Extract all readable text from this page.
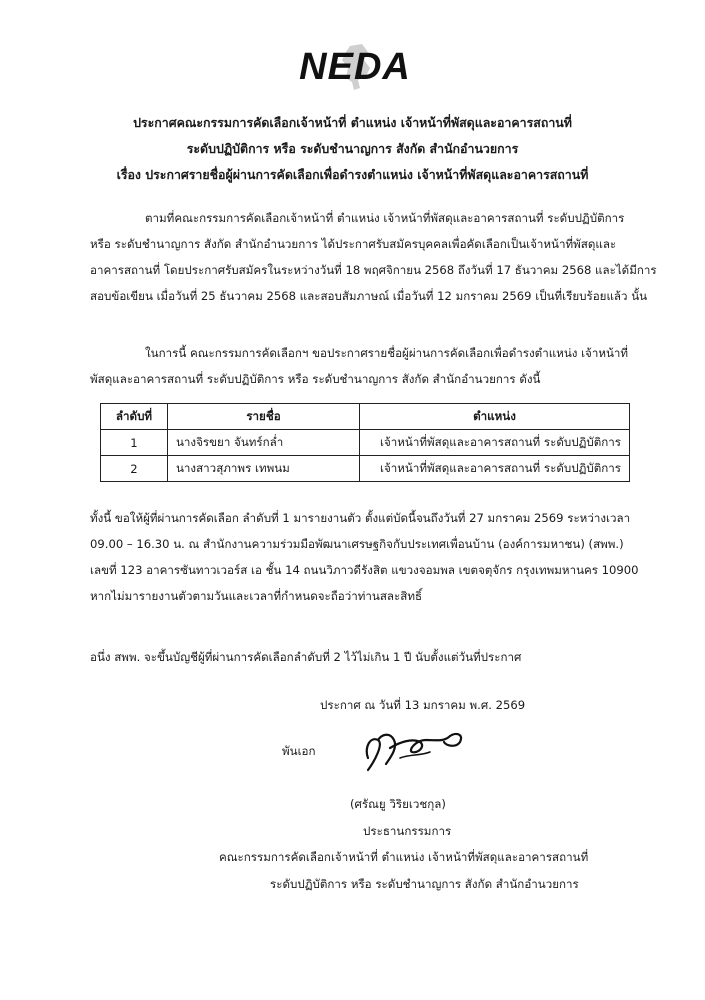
NEDA
ประกาศคณะกรรมการคัดเลือกเจ้าหน้าที่ ตำแหน่ง เจ้าหน้าที่พัสดุและอาคารสถานที่
ระดับปฏิบัติการ หรือ ระดับชำนาญการ สังกัด สำนักอำนวยการ
เรื่อง ประกาศรายชื่อผู้ผ่านการคัดเลือกเพื่อดำรงตำแหน่ง เจ้าหน้าที่พัสดุและอาคารสถานที่
ตามที่คณะกรรมการคัดเลือกเจ้าหน้าที่ ตำแหน่ง เจ้าหน้าที่พัสดุและอาคารสถานที่ ระดับปฏิบัติการ
หรือ ระดับชำนาญการ สังกัด สำนักอำนวยการ ได้ประกาศรับสมัครบุคคลเพื่อคัดเลือกเป็นเจ้าหน้าที่พัสดุและ
อาคารสถานที่ โดยประกาศรับสมัครในระหว่างวันที่ 18 พฤศจิกายน 2568 ถึงวันที่ 17 ธันวาคม 2568 และได้มีการ
สอบข้อเขียน เมื่อวันที่ 25 ธันวาคม 2568 และสอบสัมภาษณ์ เมื่อวันที่ 12 มกราคม 2569 เป็นที่เรียบร้อยแล้ว นั้น
ในการนี้ คณะกรรมการคัดเลือกฯ ขอประกาศรายชื่อผู้ผ่านการคัดเลือกเพื่อดำรงตำแหน่ง เจ้าหน้าที่
พัสดุและอาคารสถานที่ ระดับปฏิบัติการ หรือ ระดับชำนาญการ สังกัด สำนักอำนวยการ ดังนี้
ลำดับที่	รายชื่อ	ตำแหน่ง
1	นางจิรขยา จันทร์กล่ำ	เจ้าหน้าที่พัสดุและอาคารสถานที่ ระดับปฏิบัติการ
2	นางสาวสุภาพร เทพนม	เจ้าหน้าที่พัสดุและอาคารสถานที่ ระดับปฏิบัติการ
ทั้งนี้ ขอให้ผู้ที่ผ่านการคัดเลือก ลำดับที่ 1 มารายงานตัว ตั้งแต่บัดนี้จนถึงวันที่ 27 มกราคม 2569 ระหว่างเวลา
09.00 – 16.30 น. ณ สำนักงานความร่วมมือพัฒนาเศรษฐกิจกับประเทศเพื่อนบ้าน (องค์การมหาชน) (สพพ.)
เลขที่ 123 อาคารซันทาวเวอร์ส เอ ชั้น 14 ถนนวิภาวดีรังสิต แขวงจอมพล เขตจตุจักร กรุงเทพมหานคร 10900
หากไม่มารายงานตัวตามวันและเวลาที่กำหนดจะถือว่าท่านสละสิทธิ์
อนึ่ง สพพ. จะขึ้นบัญชีผู้ที่ผ่านการคัดเลือกลำดับที่ 2 ไว้ไม่เกิน 1 ปี นับตั้งแต่วันที่ประกาศ
ประกาศ ณ วันที่ 13 มกราคม พ.ศ. 2569
พันเอก
(ศรัณยู วิริยเวชกุล)
ประธานกรรมการ
คณะกรรมการคัดเลือกเจ้าหน้าที่ ตำแหน่ง เจ้าหน้าที่พัสดุและอาคารสถานที่
ระดับปฏิบัติการ หรือ ระดับชำนาญการ สังกัด สำนักอำนวยการ
